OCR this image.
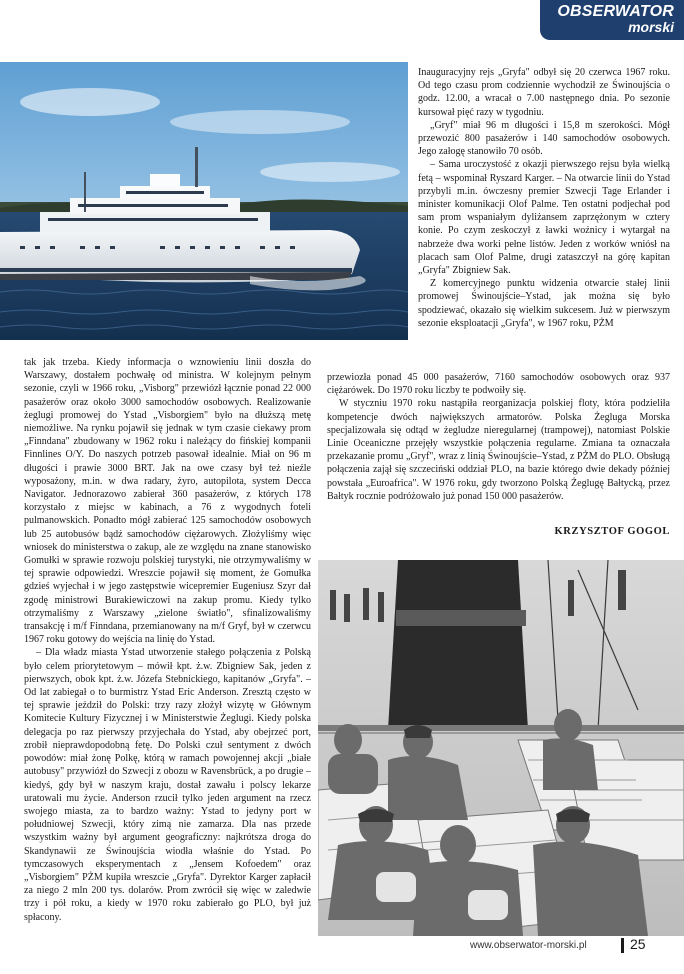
OBSERWATOR
morski

Inauguracyjny rejs „Gryfa" odbył się 20 czerwca 1967 roku. Od tego czasu prom codziennie wychodził ze Świnoujścia o godz. 12.00, a wracał o 7.00 następnego dnia. Po sezonie kursował pięć razy w tygodniu.

„Gryf" miał 96 m długości i 15,8 m szerokości. Mógł przewozić 800 pasażerów i 140 samochodów osobowych. Jego załogę stanowiło 70 osób.

– Sama uroczystość z okazji pierwszego rejsu była wielką fetą – wspominał Ryszard Karger. – Na otwarcie linii do Ystad przybyli m.in. ówczesny premier Szwecji Tage Erlander i minister komunikacji Olof Palme. Ten ostatni podjechał pod sam prom wspaniałym dyliżansem zaprzężonym w cztery konie. Po czym zeskoczył z ławki woźnicy i wytargał na nabrzeże dwa worki pełne listów. Jeden z worków wniósł na placach sam Olof Palme, drugi zataszczył na górę kapitan „Gryfa" Zbigniew Sak.

Z komercyjnego punktu widzenia otwarcie stałej linii promowej Świnoujście–Ystad, jak można się było spodziewać, okazało się wielkim sukcesem. Już w pierwszym sezonie eksploatacji „Gryfa", w 1967 roku, PŻM

przewiozła ponad 45 000 pasażerów, 7160 samochodów osobowych oraz 937 ciężarówek. Do 1970 roku liczby te podwoiły się.

W styczniu 1970 roku nastąpiła reorganizacja polskiej floty, która podzieliła kompetencje dwóch największych armatorów. Polska Żegluga Morska specjalizowała się odtąd w żegludze nieregularnej (trampowej), natomiast Polskie Linie Oceaniczne przejęły wszystkie połączenia regularne. Zmiana ta oznaczała przekazanie promu „Gryf", wraz z linią Świnoujście–Ystad, z PŻM do PLO. Obsługą połączenia zajął się szczeciński oddział PLO, na bazie którego dwie dekady później powstała „Euroafrica". W 1976 roku, gdy tworzono Polską Żeglugę Bałtycką, przez Bałtyk rocznie podróżowało już ponad 150 000 pasażerów.

KRZYSZTOF GOGOL

tak jak trzeba. Kiedy informacja o wznowieniu linii doszła do Warszawy, dostałem pochwałę od ministra. W kolejnym pełnym sezonie, czyli w 1966 roku, „Visborg" przewiózł łącznie ponad 22 000 pasażerów oraz około 3000 samochodów osobowych. Realizowanie żeglugi promowej do Ystad „Visborgiem" było na dłuższą metę niemożliwe. Na rynku pojawił się jednak w tym czasie ciekawy prom „Finndana" zbudowany w 1962 roku i należący do fińskiej kompanii Finnlines O/Y. Do naszych potrzeb pasował idealnie. Miał on 96 m długości i prawie 3000 BRT. Jak na owe czasy był też nieźle wyposażony, m.in. w dwa radary, żyro, autopilota, system Decca Navigator. Jednorazowo zabierał 360 pasażerów, z których 178 korzystało z miejsc w kabinach, a 76 z wygodnych foteli pulmanowskich. Ponadto mógł zabierać 125 samochodów osobowych lub 25 autobusów bądź samochodów ciężarowych. Złożyliśmy więc wniosek do ministerstwa o zakup, ale ze względu na znane stanowisko Gomułki w sprawie rozwoju polskiej turystyki, nie otrzymywaliśmy w tej sprawie odpowiedzi. Wreszcie pojawił się moment, że Gomułka gdzieś wyjechał i w jego zastępstwie wicepremier Eugeniusz Szyr dał zgodę ministrowi Burakiewiczowi na zakup promu. Kiedy tylko otrzymaliśmy z Warszawy „zielone światło", sfinalizowaliśmy transakcję i m/f Finndana, przemianowany na m/f Gryf, był w czerwcu 1967 roku gotowy do wejścia na linię do Ystad.

– Dla władz miasta Ystad utworzenie stałego połączenia z Polską było celem priorytetowym – mówił kpt. ż.w. Zbigniew Sak, jeden z pierwszych, obok kpt. ż.w. Józefa Stebnickiego, kapitanów „Gryfa". – Od lat zabiegał o to burmistrz Ystad Eric Anderson. Zresztą często w tej sprawie jeździł do Polski: trzy razy złożył wizytę w Głównym Komitecie Kultury Fizycznej i w Ministerstwie Żeglugi. Kiedy polska delegacja po raz pierwszy przyjechała do Ystad, aby obejrzeć port, zrobił nieprawdopodobną fetę. Do Polski czuł sentyment z dwóch powodów: miał żonę Polkę, którą w ramach powojennej akcji „białe autobusy" przywiózł do Szwecji z obozu w Ravensbrück, a po drugie – kiedyś, gdy był w naszym kraju, dostał zawału i polscy lekarze uratowali mu życie. Anderson rzucił tylko jeden argument na rzecz swojego miasta, za to bardzo ważny: Ystad to jedyny port w południowej Szwecji, który zimą nie zamarza. Dla nas przede wszystkim ważny był argument geograficzny: najkrótsza droga do Skandynawii ze Świnoujścia wiodła właśnie do Ystad. Po tymczasowych eksperymentach z „Jensem Kofoedem" oraz „Visborgiem" PŻM kupiła wreszcie „Gryfa". Dyrektor Karger zapłacił za niego 2 mln 200 tys. dolarów. Prom zwrócił się więc w zaledwie trzy i pół roku, a kiedy w 1970 roku zabierało go PLO, był już spłacony.

www.obserwator-morski.pl	25
